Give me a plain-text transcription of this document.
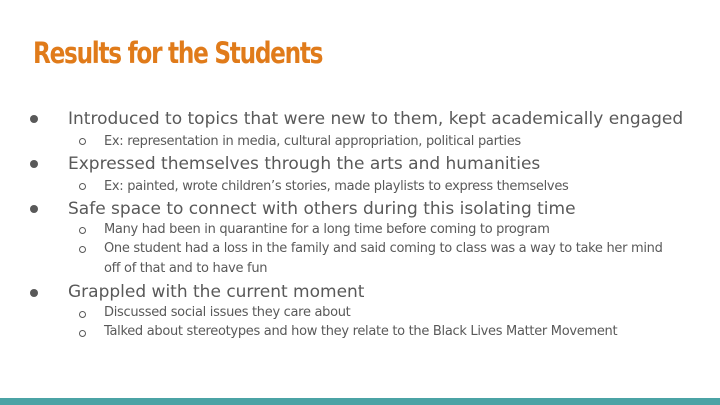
Results for the Students
Introduced to topics that were new to them, kept academically engaged
Ex: representation in media, cultural appropriation, political parties
Expressed themselves through the arts and humanities
Ex: painted, wrote children’s stories, made playlists to express themselves
Safe space to connect with others during this isolating time
Many had been in quarantine for a long time before coming to program
One student had a loss in the family and said coming to class was a way to take her mind
off of that and to have fun
Grappled with the current moment
Discussed social issues they care about
Talked about stereotypes and how they relate to the Black Lives Matter Movement
